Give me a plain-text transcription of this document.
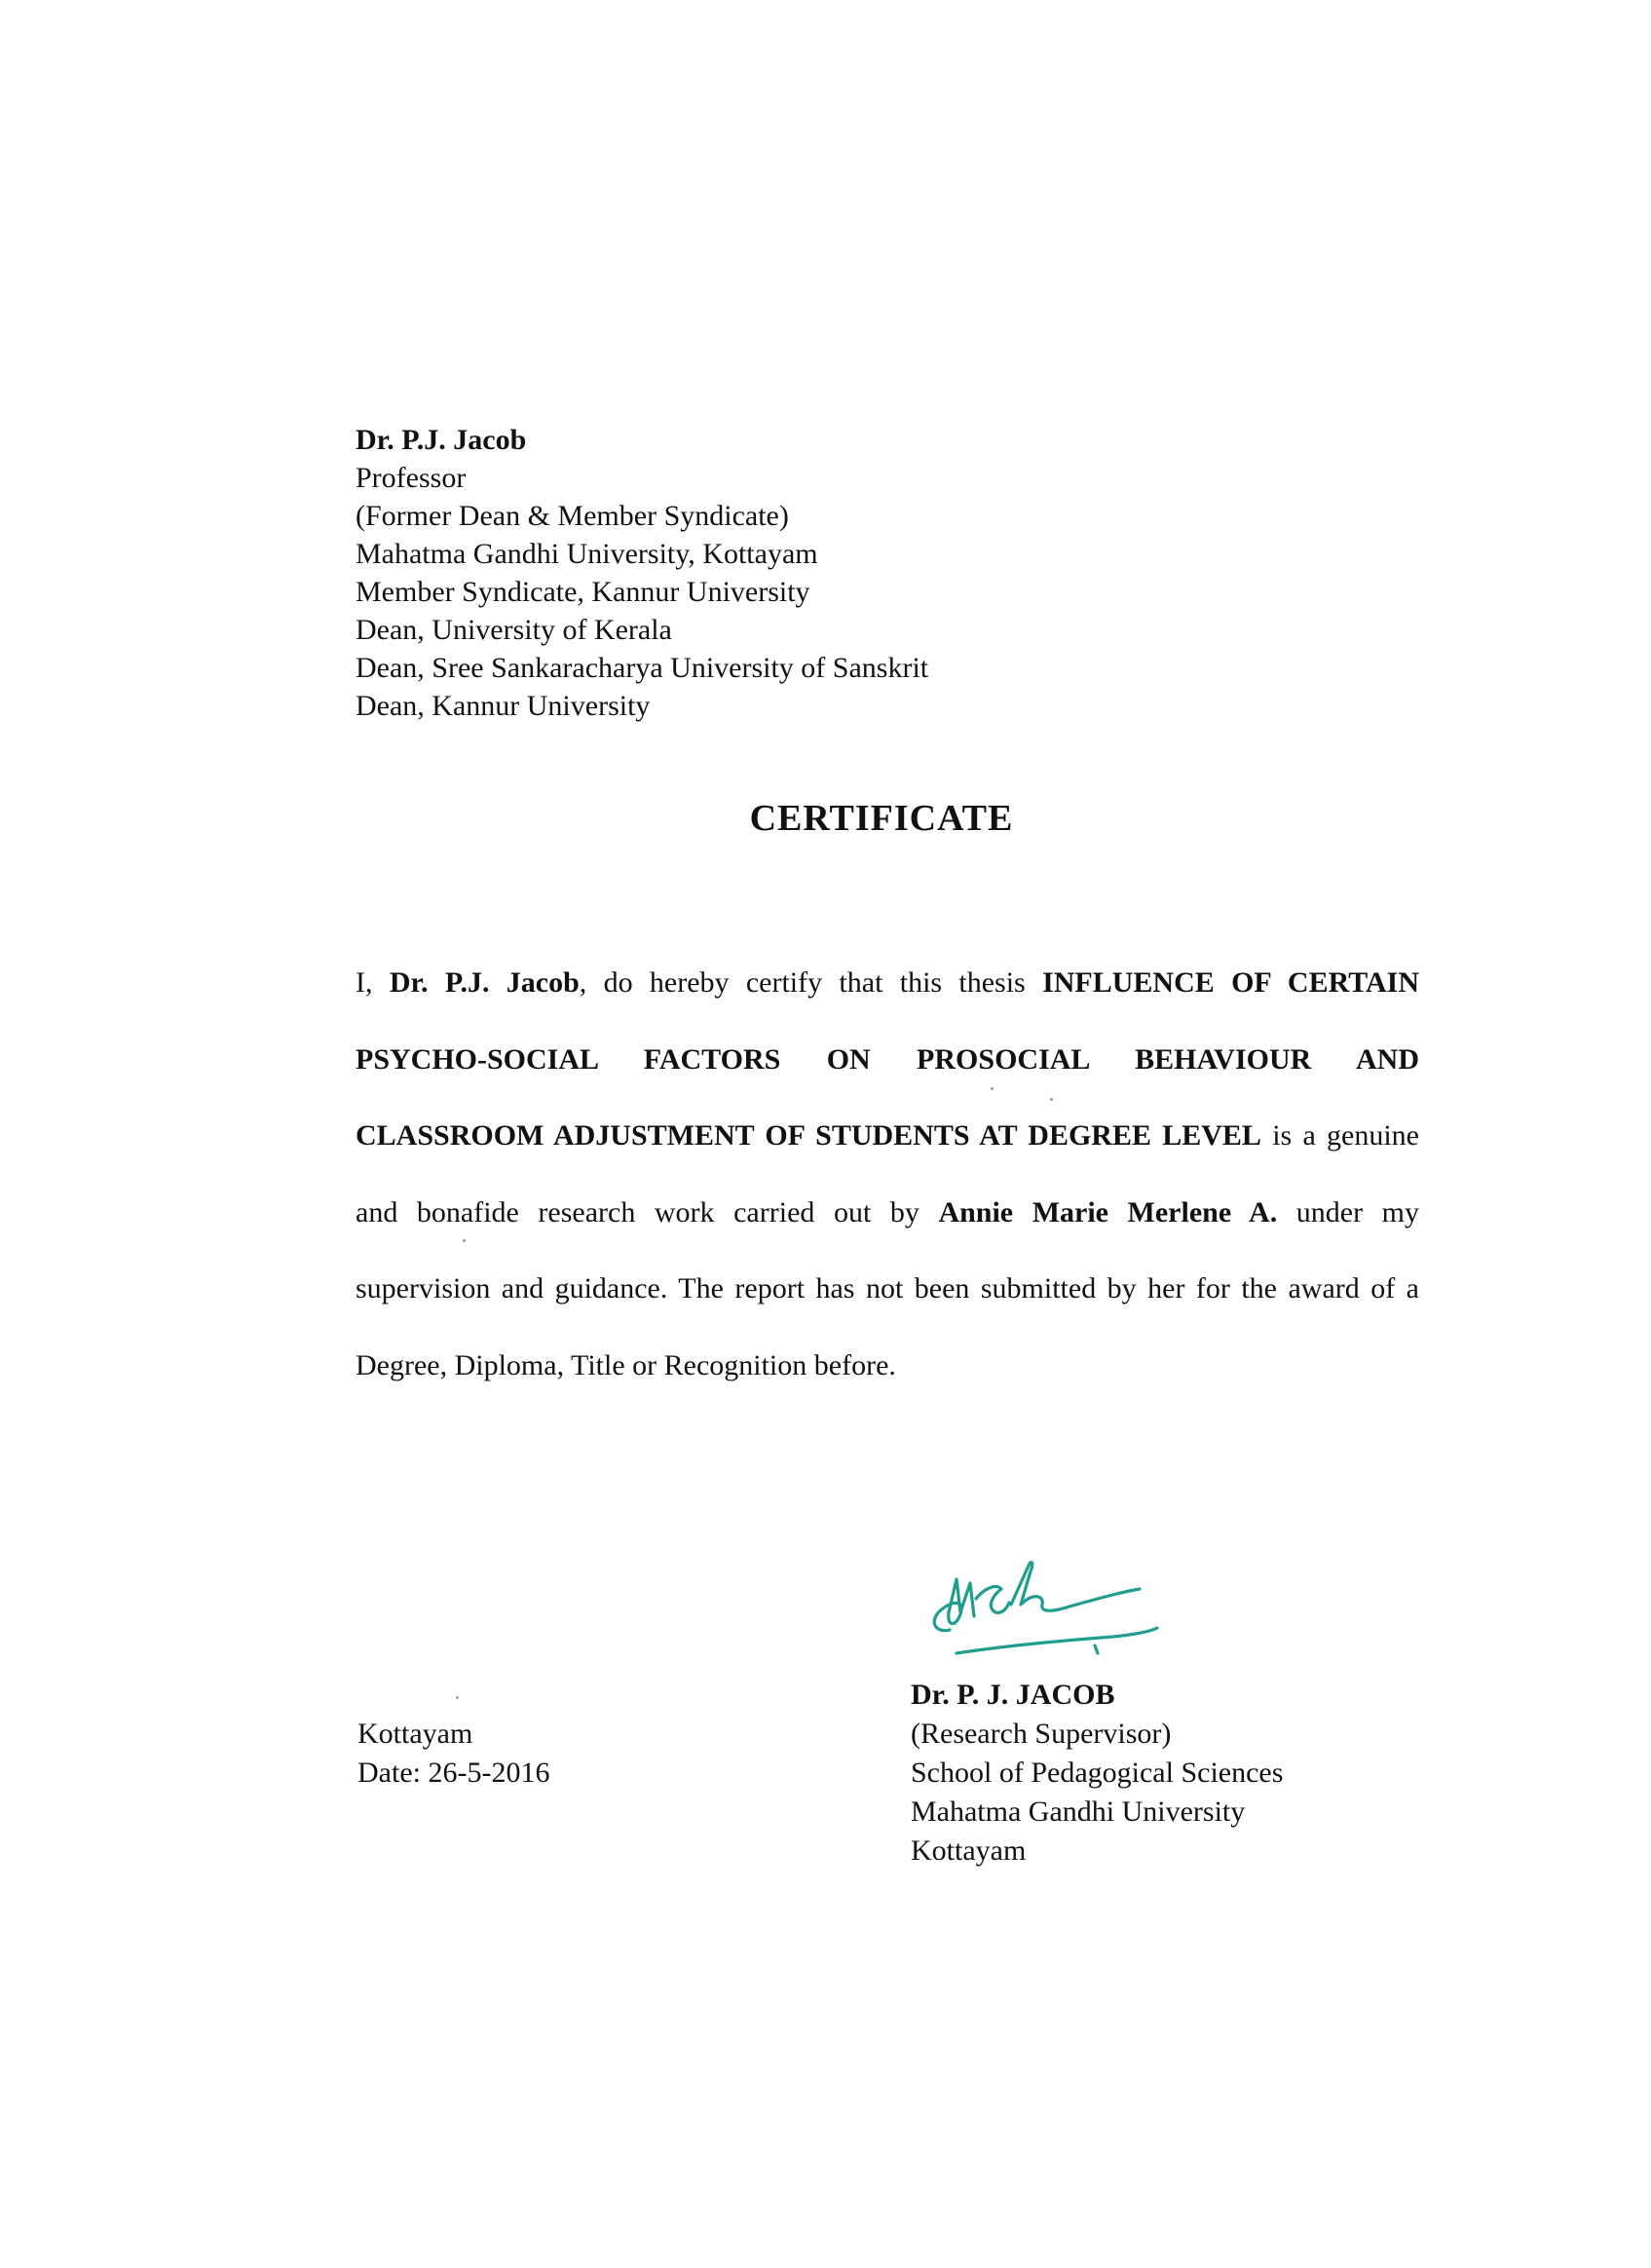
Dr. P.J. Jacob
Professor
(Former Dean & Member Syndicate)
Mahatma Gandhi University, Kottayam
Member Syndicate, Kannur University
Dean, University of Kerala
Dean, Sree Sankaracharya University of Sanskrit
Dean, Kannur University
CERTIFICATE
I, Dr. P.J. Jacob, do hereby certify that this thesis INFLUENCE OF CERTAIN PSYCHO-SOCIAL FACTORS ON PROSOCIAL BEHAVIOUR AND CLASSROOM ADJUSTMENT OF STUDENTS AT DEGREE LEVEL is a genuine and bonafide research work carried out by Annie Marie Merlene A. under my supervision and guidance. The report has not been submitted by her for the award of a Degree, Diploma, Title or Recognition before.
Kottayam
Date: 26-5-2016
Dr. P. J. JACOB
(Research Supervisor)
School of Pedagogical Sciences
Mahatma Gandhi University
Kottayam
